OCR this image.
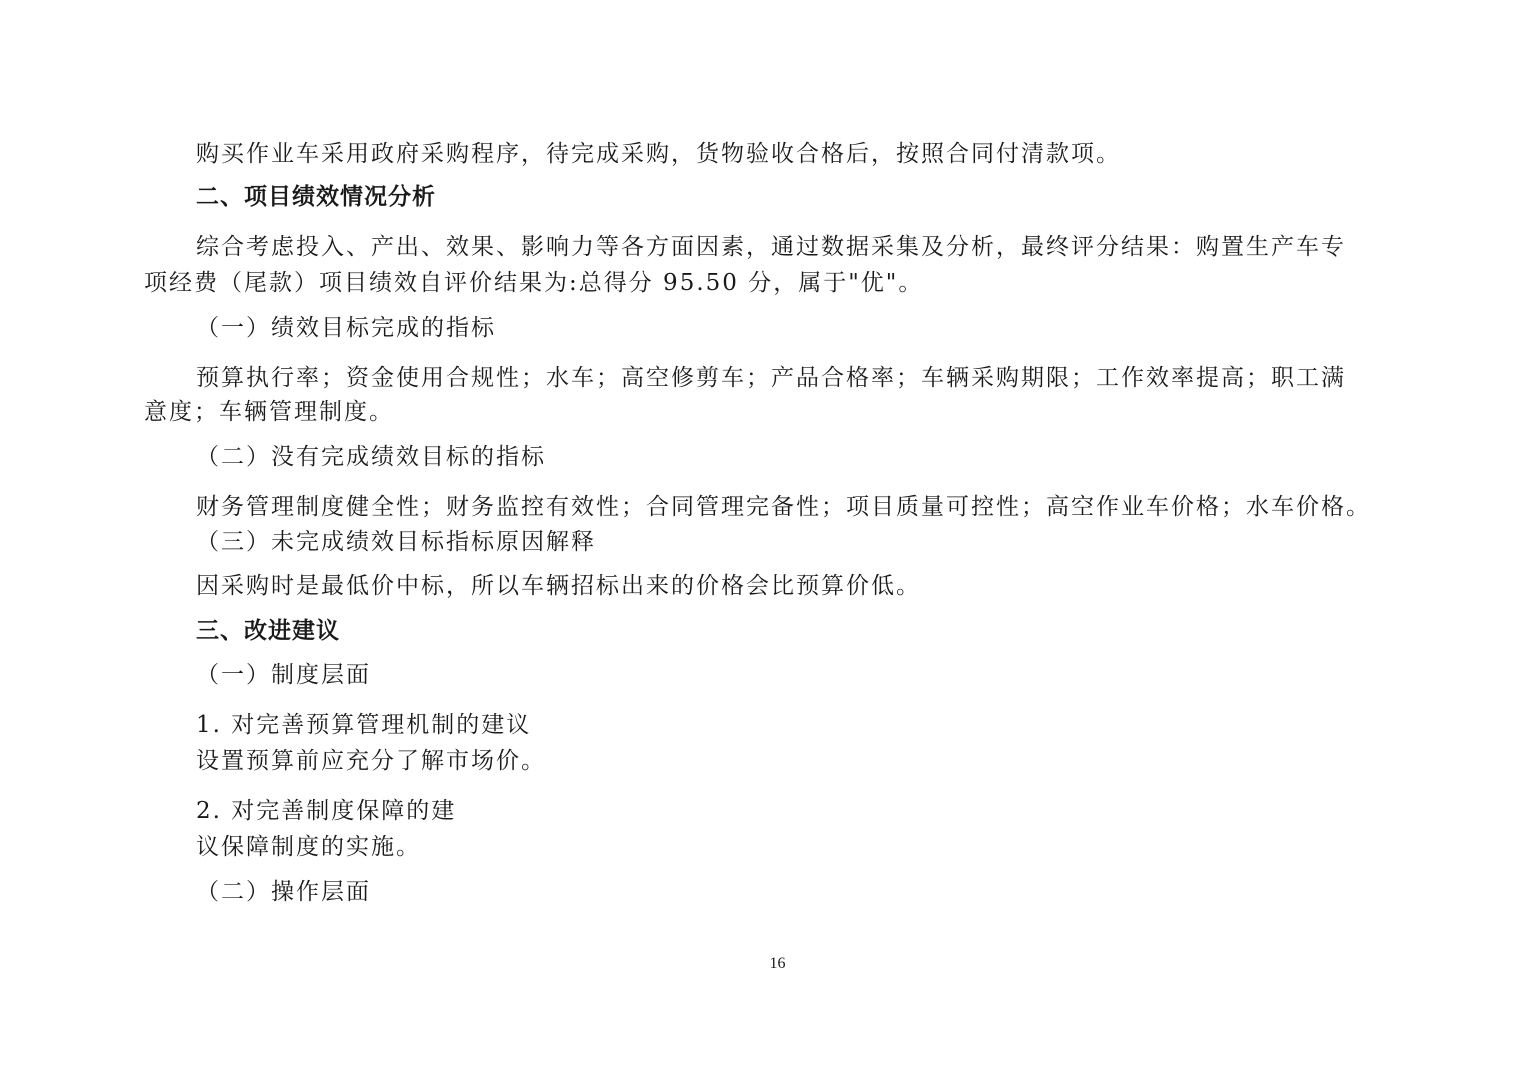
购买作业车采用政府采购程序，待完成采购，货物验收合格后，按照合同付清款项。
二、项目绩效情况分析
综合考虑投入、产出、效果、影响力等各方面因素，通过数据采集及分析，最终评分结果：购置生产车专
项经费（尾款）项目绩效自评价结果为:总得分 95.50 分，属于"优"。
（一）绩效目标完成的指标
预算执行率；资金使用合规性；水车；高空修剪车；产品合格率；车辆采购期限；工作效率提高；职工满
意度；车辆管理制度。
（二）没有完成绩效目标的指标
财务管理制度健全性；财务监控有效性；合同管理完备性；项目质量可控性；高空作业车价格；水车价格。
（三）未完成绩效目标指标原因解释
因采购时是最低价中标，所以车辆招标出来的价格会比预算价低。
三、改进建议
（一）制度层面
1. 对完善预算管理机制的建议
设置预算前应充分了解市场价。
2. 对完善制度保障的建
议保障制度的实施。
（二）操作层面
16
